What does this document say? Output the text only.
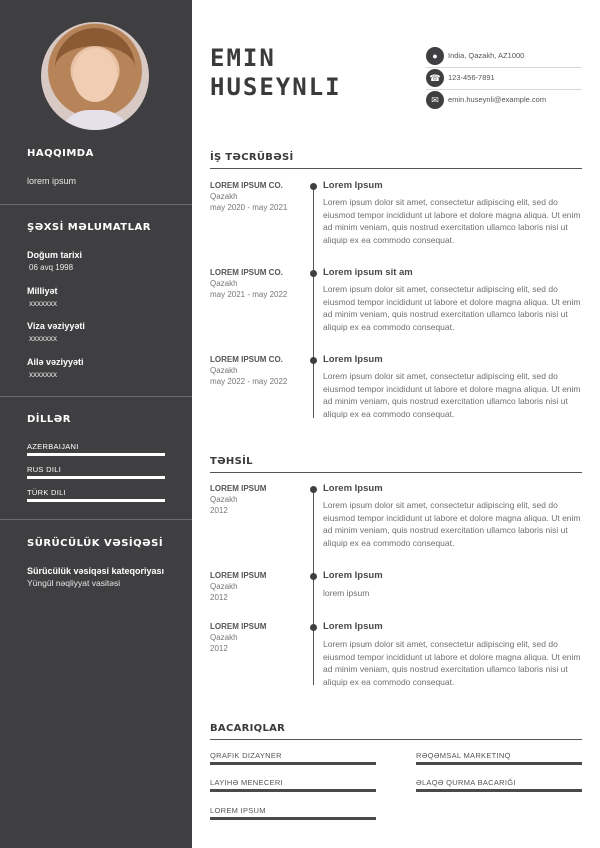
HAQQIMDA
lorem ipsum
ŞƏXSİ MƏLUMATLAR
Doğum tarixi
06 avq 1998
Milliyət
xxxxxxx
Viza vəziyyəti
xxxxxxx
Ailə vəziyyəti
xxxxxxx
DİLLƏR
AZERBAIJANI
RUS DILI
TÜRK DILI
SÜRÜCÜLÜK VƏSİQƏSİ
Sürücülük vəsiqəsi kateqoriyası
Yüngül nəqliyyat vasitəsi
EMIN
HUSEYNLI
●	India, Qazakh, AZ1000
☎ 123-456-7891
✉	emin.huseynli@example.com
İŞ TƏCRÜBƏSİ
LOREM IPSUM CO.
Qazakh
may 2020 - may 2021
Lorem Ipsum
Lorem ipsum dolor sit amet, consectetur adipiscing elit, sed do eiusmod tempor incididunt ut labore et dolore magna aliqua. Ut enim ad minim veniam, quis nostrud exercitation ullamco laboris nisi ut aliquip ex ea commodo consequat.
LOREM IPSUM CO.
Qazakh
may 2021 - may 2022
Lorem ipsum sit am
Lorem ipsum dolor sit amet, consectetur adipiscing elit, sed do eiusmod tempor incididunt ut labore et dolore magna aliqua. Ut enim ad minim veniam, quis nostrud exercitation ullamco laboris nisi ut aliquip ex ea commodo consequat.
LOREM IPSUM CO.
Qazakh
may 2022 - may 2022
Lorem Ipsum
Lorem ipsum dolor sit amet, consectetur adipiscing elit, sed do eiusmod tempor incididunt ut labore et dolore magna aliqua. Ut enim ad minim veniam, quis nostrud exercitation ullamco laboris nisi ut aliquip ex ea commodo consequat.
TƏHSİL
LOREM IPSUM
Qazakh
2012
Lorem Ipsum
Lorem ipsum dolor sit amet, consectetur adipiscing elit, sed do eiusmod tempor incididunt ut labore et dolore magna aliqua. Ut enim ad minim veniam, quis nostrud exercitation ullamco laboris nisi ut aliquip ex ea commodo consequat.
LOREM IPSUM
Qazakh
2012
Lorem Ipsum
lorem ipsum
LOREM IPSUM
Qazakh
2012
Lorem Ipsum
Lorem ipsum dolor sit amet, consectetur adipiscing elit, sed do eiusmod tempor incididunt ut labore et dolore magna aliqua. Ut enim ad minim veniam, quis nostrud exercitation ullamco laboris nisi ut aliquip ex ea commodo consequat.
BACARIQLAR
QRAFIK DIZAYNER	RƏQƏMSAL MARKETINQ
LAYIHƏ MENECERI	ƏLAQƏ QURMA BACARIĞI
LOREM IPSUM
